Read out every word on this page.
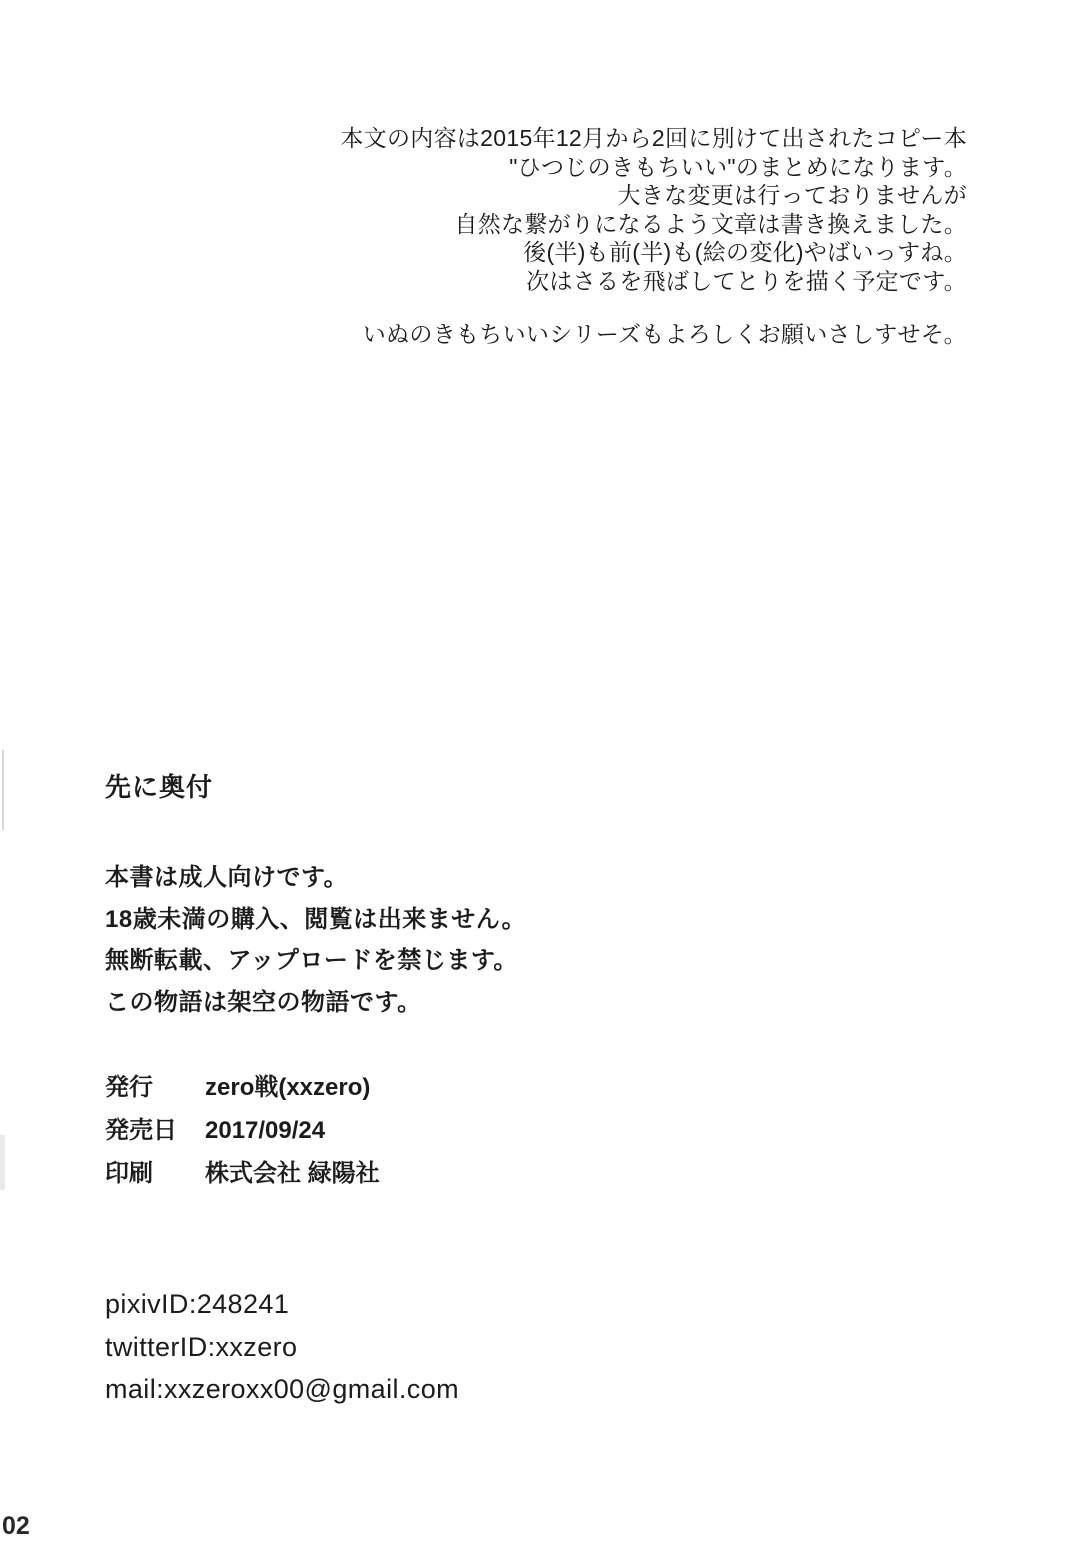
本文の内容は2015年12月から2回に別けて出されたコピー本
"ひつじのきもちいい"のまとめになります。
大きな変更は行っておりませんが
自然な繋がりになるよう文章は書き換えました。
後(半)も前(半)も(絵の変化)やばいっすね。
次はさるを飛ばしてとりを描く予定です。
いぬのきもちいいシリーズもよろしくお願いさしすせそ。
先に奥付
本書は成人向けです。
18歳未満の購入、閲覧は出来ません。
無断転載、アップロードを禁じます。
この物語は架空の物語です。
発行	zero戦(xxzero)
発売日	2017/09/24
印刷	株式会社 緑陽社
pixivID:248241
twitterID:xxzero
mail:xxzeroxx00@gmail.com
02
